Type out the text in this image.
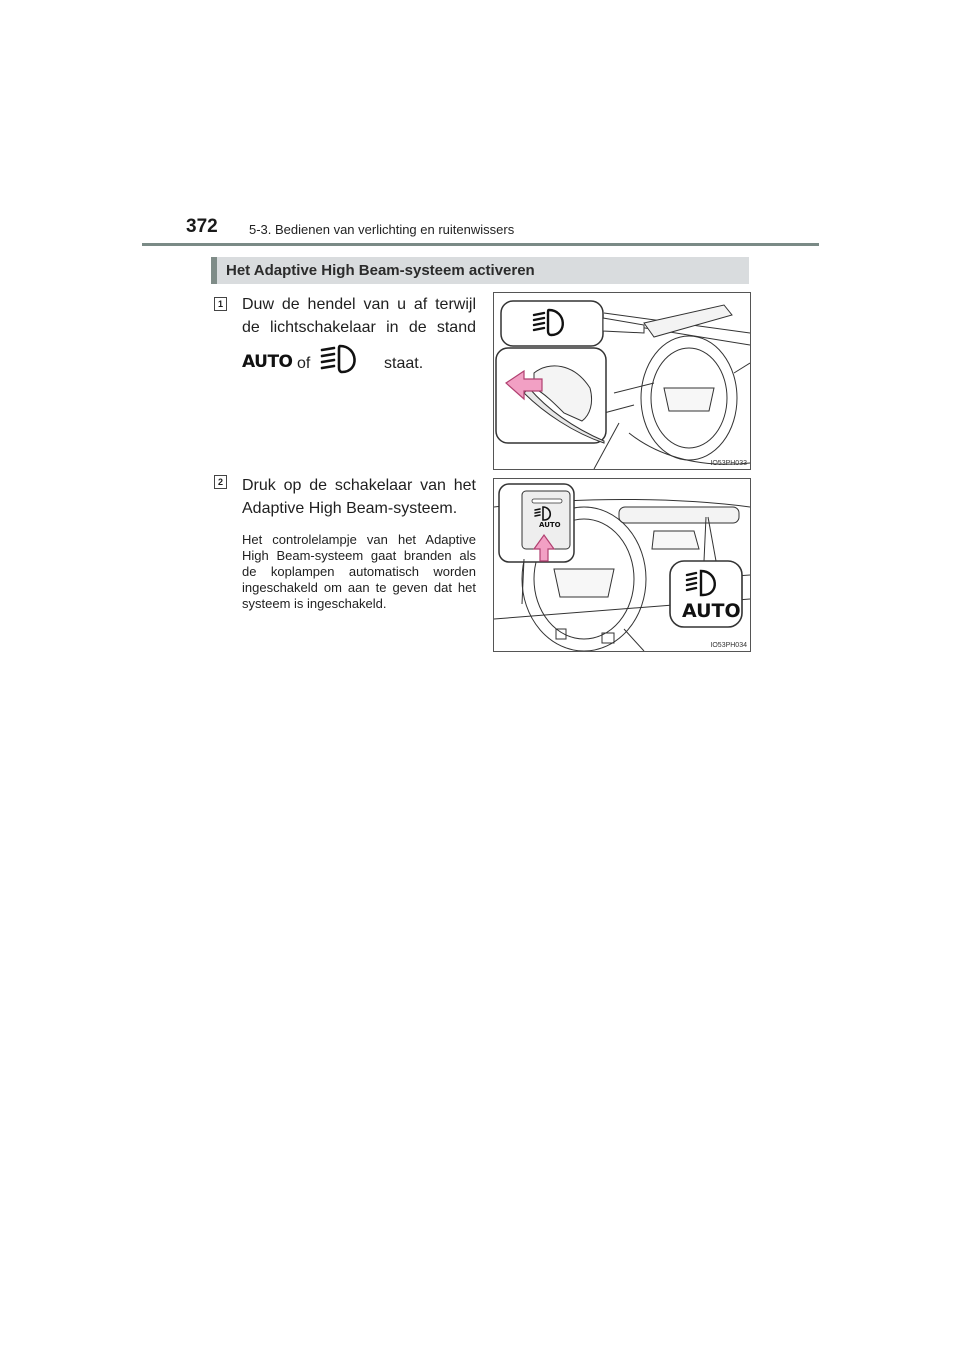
372 5-3. Bedienen van verlichting en ruitenwissers
Het Adaptive High Beam-systeem activeren
1 Duw de hendel van u af terwijl
de lichtschakelaar in de stand
AUTO of	staat.
IO53PH033
2 Druk op de schakelaar van het
Adaptive High Beam-systeem.
Het controlelampje van het Adaptive High Beam-systeem gaat branden als de koplampen automatisch worden ingeschakeld om aan te geven dat het systeem is ingeschakeld.
AUTO
AUTO
IO53PH034
